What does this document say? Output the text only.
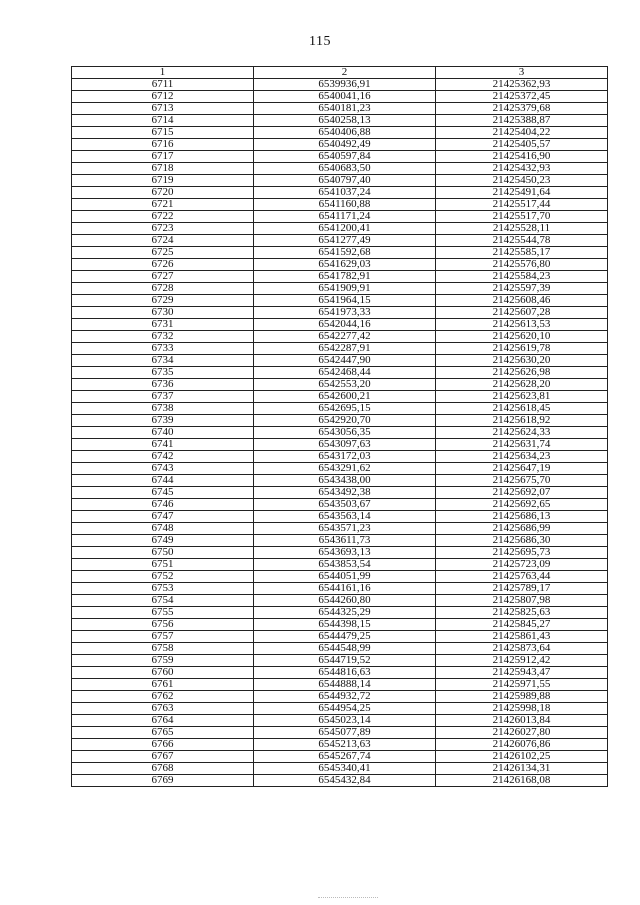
115
1	2	3
6711	6539936,91	21425362,93
6712	6540041,16	21425372,45
6713	6540181,23	21425379,68
6714	6540258,13	21425388,87
6715	6540406,88	21425404,22
6716	6540492,49	21425405,57
6717	6540597,84	21425416,90
6718	6540683,50	21425432,93
6719	6540797,40	21425450,23
6720	6541037,24	21425491,64
6721	6541160,88	21425517,44
6722	6541171,24	21425517,70
6723	6541200,41	21425528,11
6724	6541277,49	21425544,78
6725	6541592,68	21425585,17
6726	6541629,03	21425576,80
6727	6541782,91	21425584,23
6728	6541909,91	21425597,39
6729	6541964,15	21425608,46
6730	6541973,33	21425607,28
6731	6542044,16	21425613,53
6732	6542277,42	21425620,10
6733	6542287,91	21425619,78
6734	6542447,90	21425630,20
6735	6542468,44	21425626,98
6736	6542553,20	21425628,20
6737	6542600,21	21425623,81
6738	6542695,15	21425618,45
6739	6542920,70	21425618,92
6740	6543056,35	21425624,33
6741	6543097,63	21425631,74
6742	6543172,03	21425634,23
6743	6543291,62	21425647,19
6744	6543438,00	21425675,70
6745	6543492,38	21425692,07
6746	6543503,67	21425692,65
6747	6543563,14	21425686,13
6748	6543571,23	21425686,99
6749	6543611,73	21425686,30
6750	6543693,13	21425695,73
6751	6543853,54	21425723,09
6752	6544051,99	21425763,44
6753	6544161,16	21425789,17
6754	6544260,80	21425807,98
6755	6544325,29	21425825,63
6756	6544398,15	21425845,27
6757	6544479,25	21425861,43
6758	6544548,99	21425873,64
6759	6544719,52	21425912,42
6760	6544816,63	21425943,47
6761	6544888,14	21425971,55
6762	6544932,72	21425989,88
6763	6544954,25	21425998,18
6764	6545023,14	21426013,84
6765	6545077,89	21426027,80
6766	6545213,63	21426076,86
6767	6545267,74	21426102,25
6768	6545340,41	21426134,31
6769	6545432,84	21426168,08
